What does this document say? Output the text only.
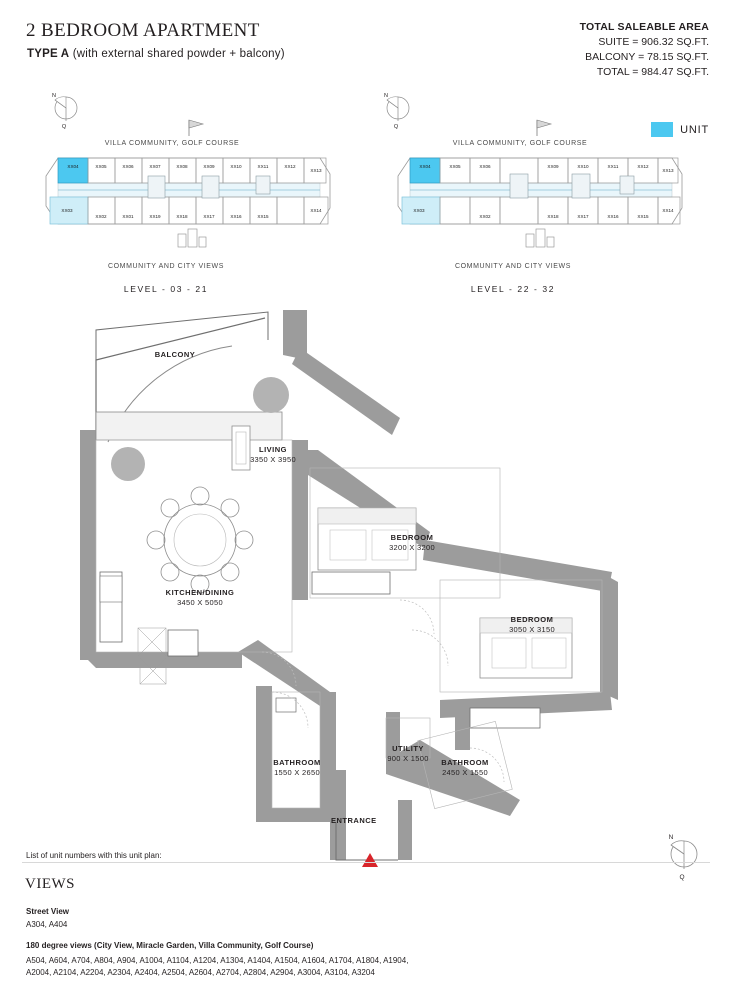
2 BEDROOM APARTMENT
TYPE A (with external shared powder + balcony)
TOTAL SALEABLE AREA
SUITE = 906.32 SQ.FT.
BALCONY = 78.15 SQ.FT.
TOTAL = 984.47 SQ.FT.
UNIT
N
Q
XX04	XX05	XX06	XX07	XX08	XX09	XX10	XX11	XX12
XX13
XX03
XX02	XX01	XX19	XX18	XX17	XX16	XX15
XX14
VILLA COMMUNITY, GOLF COURSE
COMMUNITY AND CITY VIEWS
LEVEL - 03 - 21
N
Q
XX04	XX05	XX06	XX09	XX10	XX11	XX12
XX13
XX03
XX02	XX18	XX17	XX16	XX15
XX14
VILLA COMMUNITY, GOLF COURSE
COMMUNITY AND CITY VIEWS
LEVEL - 22 - 32
BALCONY
LIVING
3350 X 3950
BEDROOM
3200 X 3200
BEDROOM
3050 X 3150
KITCHEN/DINING
3450 X 5050
BATHROOM
1550 X 2650
UTILITY
900 X 1500	BATHROOM
2450 X 1550
ENTRANCE
N
Q
List of unit numbers with this unit plan:
VIEWS
Street View
A304, A404
180 degree views (City View, Miracle Garden, Villa Community, Golf Course)
A504, A604, A704, A804, A904, A1004, A1104, A1204, A1304, A1404, A1504, A1604, A1704, A1804, A1904,
A2004, A2104, A2204, A2304, A2404, A2504, A2604, A2704, A2804, A2904, A3004, A3104, A3204
